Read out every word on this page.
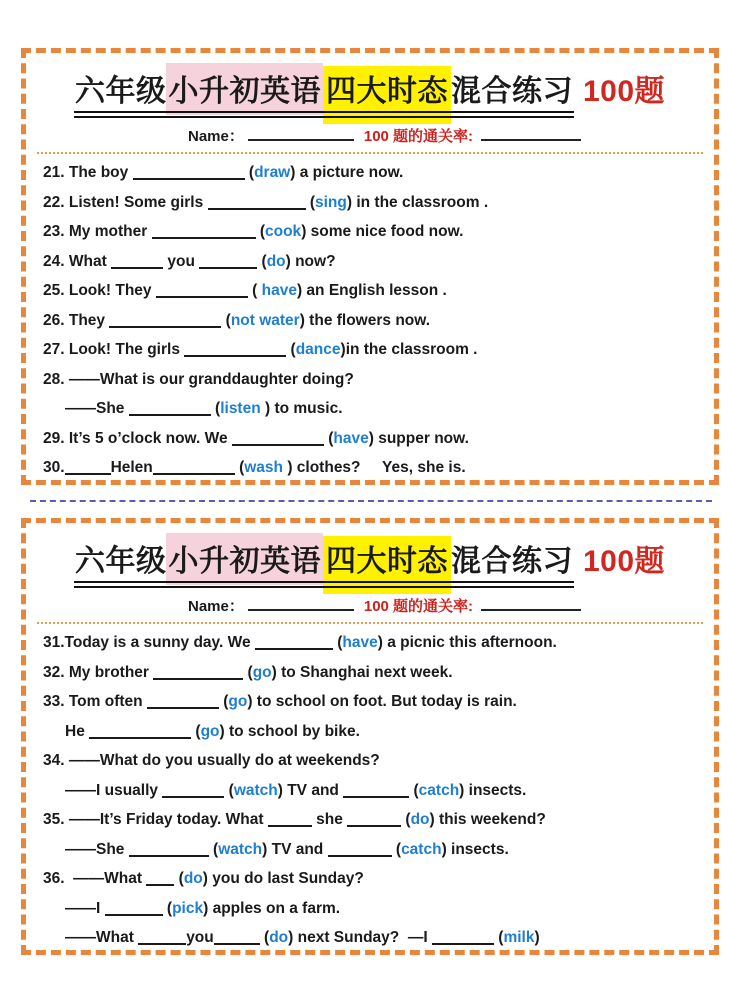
六年级小升初英语 四大时态 混合练习 100题
Name：	100 题的通关率:
21. The boy	(draw) a picture now.
22. Listen! Some girls	(sing) in the classroom .
23. My mother	(cook) some nice food now.
24. What	you	(do) now?
25. Look! They	( have) an English lesson .
26. They	(not water) the flowers now.
27. Look! The girls	(dance)in the classroom .
28. ——What is our granddaughter doing?
——She	(listen ) to music.
29. It’s 5 o’clock now. We	(have) supper now.
30.	Helen	(wash ) clothes?     Yes, she is.
六年级小升初英语 四大时态 混合练习 100题
Name：	100 题的通关率:
31.Today is a sunny day. We	(have) a picnic this afternoon.
32. My brother	(go) to Shanghai next week.
33. Tom often	(go) to school on foot. But today is rain.
He	(go) to school by bike.
34. ——What do you usually do at weekends?
——I usually	(watch) TV and	(catch) insects.
35. ——It’s Friday today. What	she	(do) this weekend?
——She	(watch) TV and	(catch) insects.
36.  ——What  (do) you do last Sunday?
——I	(pick) apples on a farm.
——What	you	(do) next Sunday?  —I	(milk)
